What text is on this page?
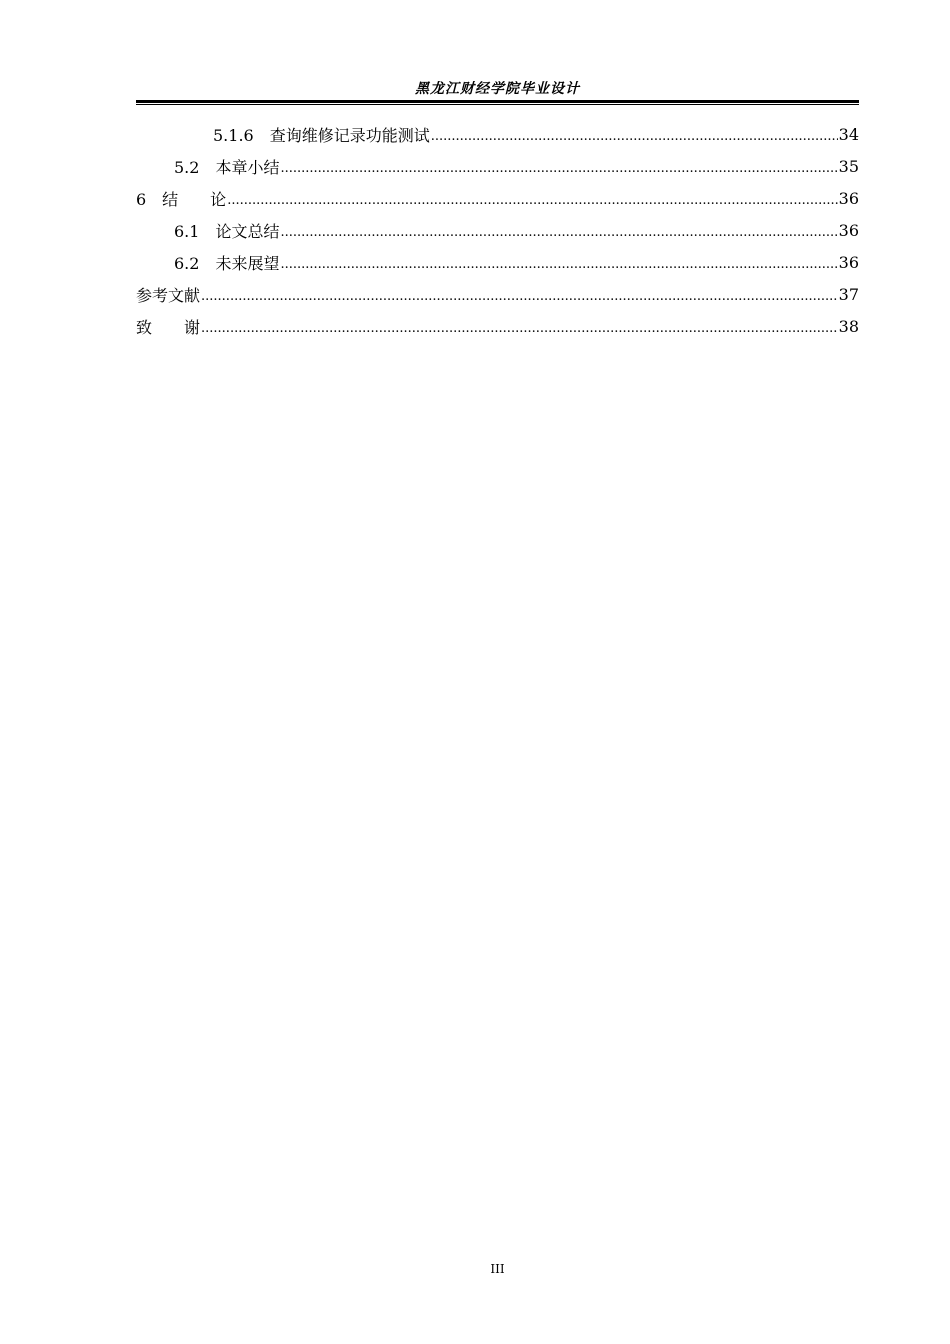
黑龙江财经学院毕业设计
5.1.6　查询维修记录功能测试 .....	34
5.2　本章小结 .....	35
6　结　　论 .....	36
6.1　论文总结 .....	36
6.2　未来展望 .....	36
参考文献 .....	37
致　　谢 .....	38
III
